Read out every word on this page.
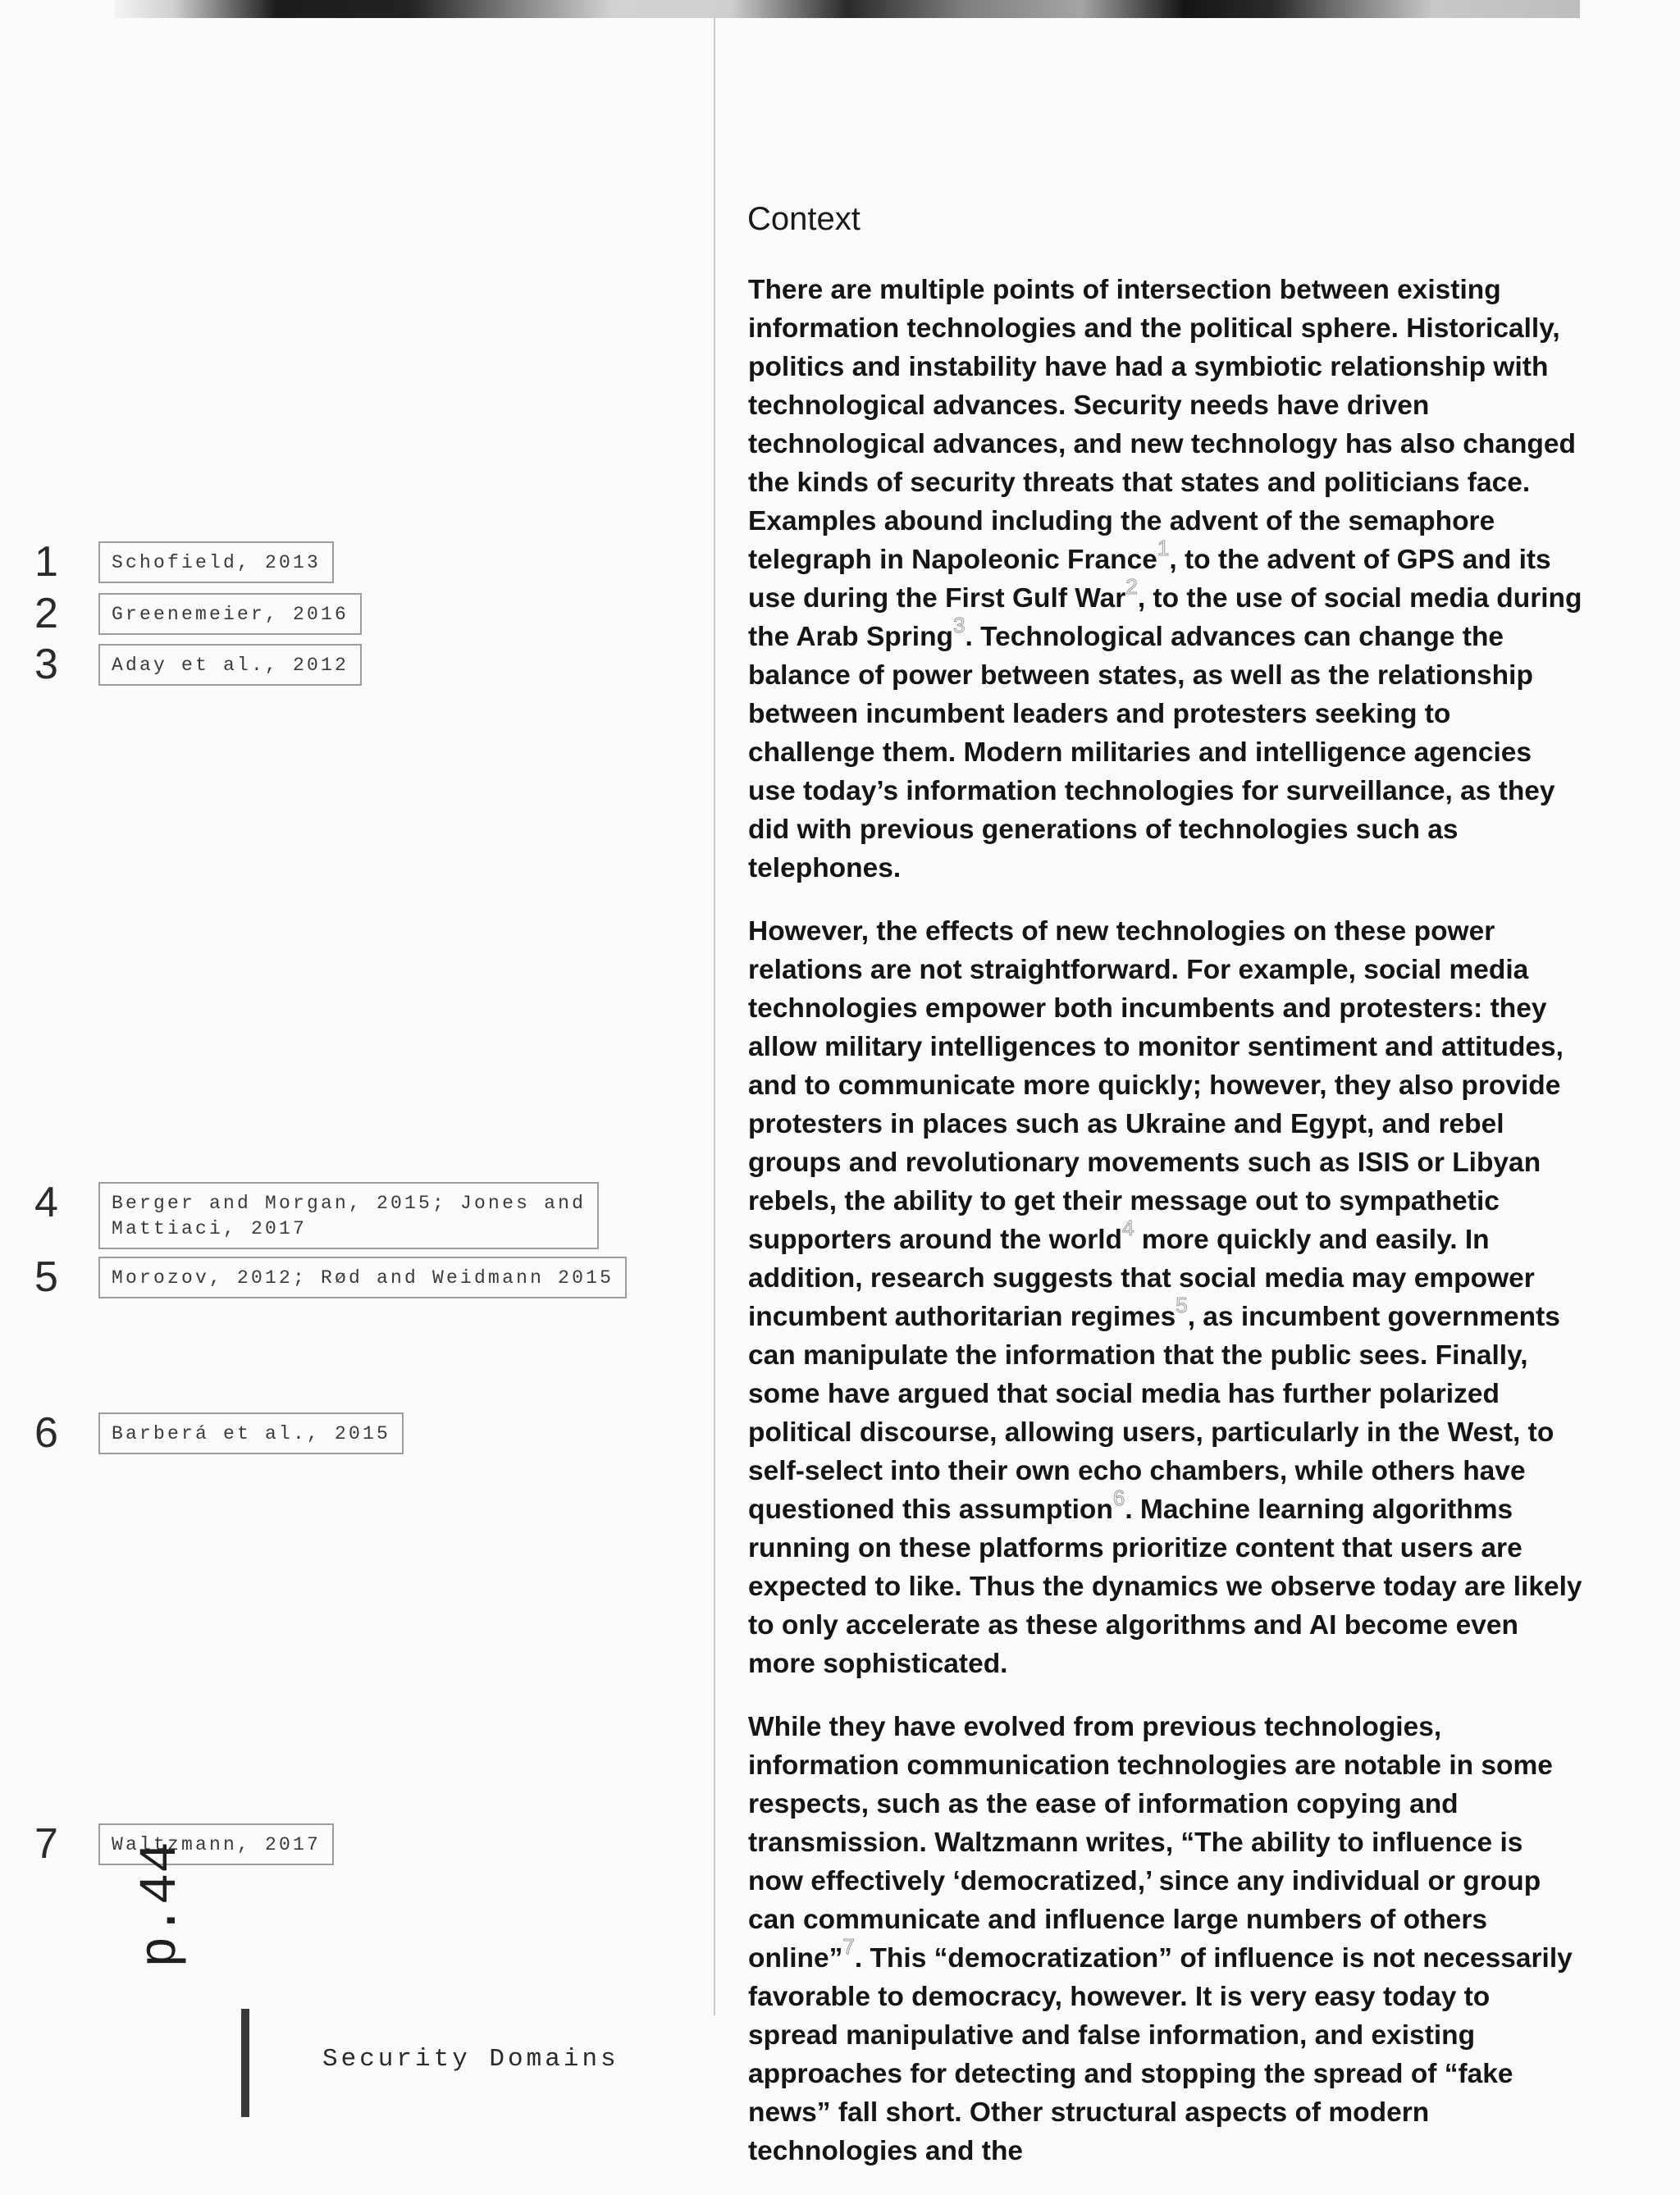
Context

There are multiple points of intersection between existing information technologies and the political sphere. Historically, politics and instability have had a symbiotic relationship with technological advances. Security needs have driven technological advances, and new technology has also changed the kinds of security threats that states and politicians face. Examples abound including the advent of the semaphore telegraph in Napoleonic France$^1$, to the advent of GPS and its use during the First Gulf War$^2$, to the use of social media during the Arab Spring$^3$. Technological advances can change the balance of power between states, as well as the relationship between incumbent leaders and protesters seeking to challenge them. Modern militaries and intelligence agencies use today’s information technologies for surveillance, as they did with previous generations of technologies such as telephones.

However, the effects of new technologies on these power relations are not straightforward. For example, social media technologies empower both incumbents and protesters: they allow military intelligences to monitor sentiment and attitudes, and to communicate more quickly; however, they also provide protesters in places such as Ukraine and Egypt, and rebel groups and revolutionary movements such as ISIS or Libyan rebels, the ability to get their message out to sympathetic supporters around the world$^4$ more quickly and easily. In addition, research suggests that social media may empower incumbent authoritarian regimes$^5$, as incumbent governments can manipulate the information that the public sees. Finally, some have argued that social media has further polarized political discourse, allowing users, particularly in the West, to self-select into their own echo chambers, while others have questioned this assumption$^6$. Machine learning algorithms running on these platforms prioritize content that users are expected to like. Thus the dynamics we observe today are likely to only accelerate as these algorithms and AI become even more sophisticated.

While they have evolved from previous technologies, information communication technologies are notable in some respects, such as the ease of information copying and transmission. Waltzmann writes, “The ability to influence is now effectively ‘democratized,’ since any individual or group can communicate and influence large numbers of others online”$^7$. This “democratization” of influence is not necessarily favorable to democracy, however. It is very easy today to spread manipulative and false information, and existing approaches for detecting and stopping the spread of “fake news” fall short. Other structural aspects of modern technologies and the

1	Schofield, 2013
2	Greenemeier, 2016
3	Aday et al., 2012
4	Berger and Morgan, 2015; Jones and
Mattiaci, 2017
5	Morozov, 2012; Rød and Weidmann 2015
6	Barberá et al., 2015
7	Waltzmann, 2017
p.44
Security Domains
